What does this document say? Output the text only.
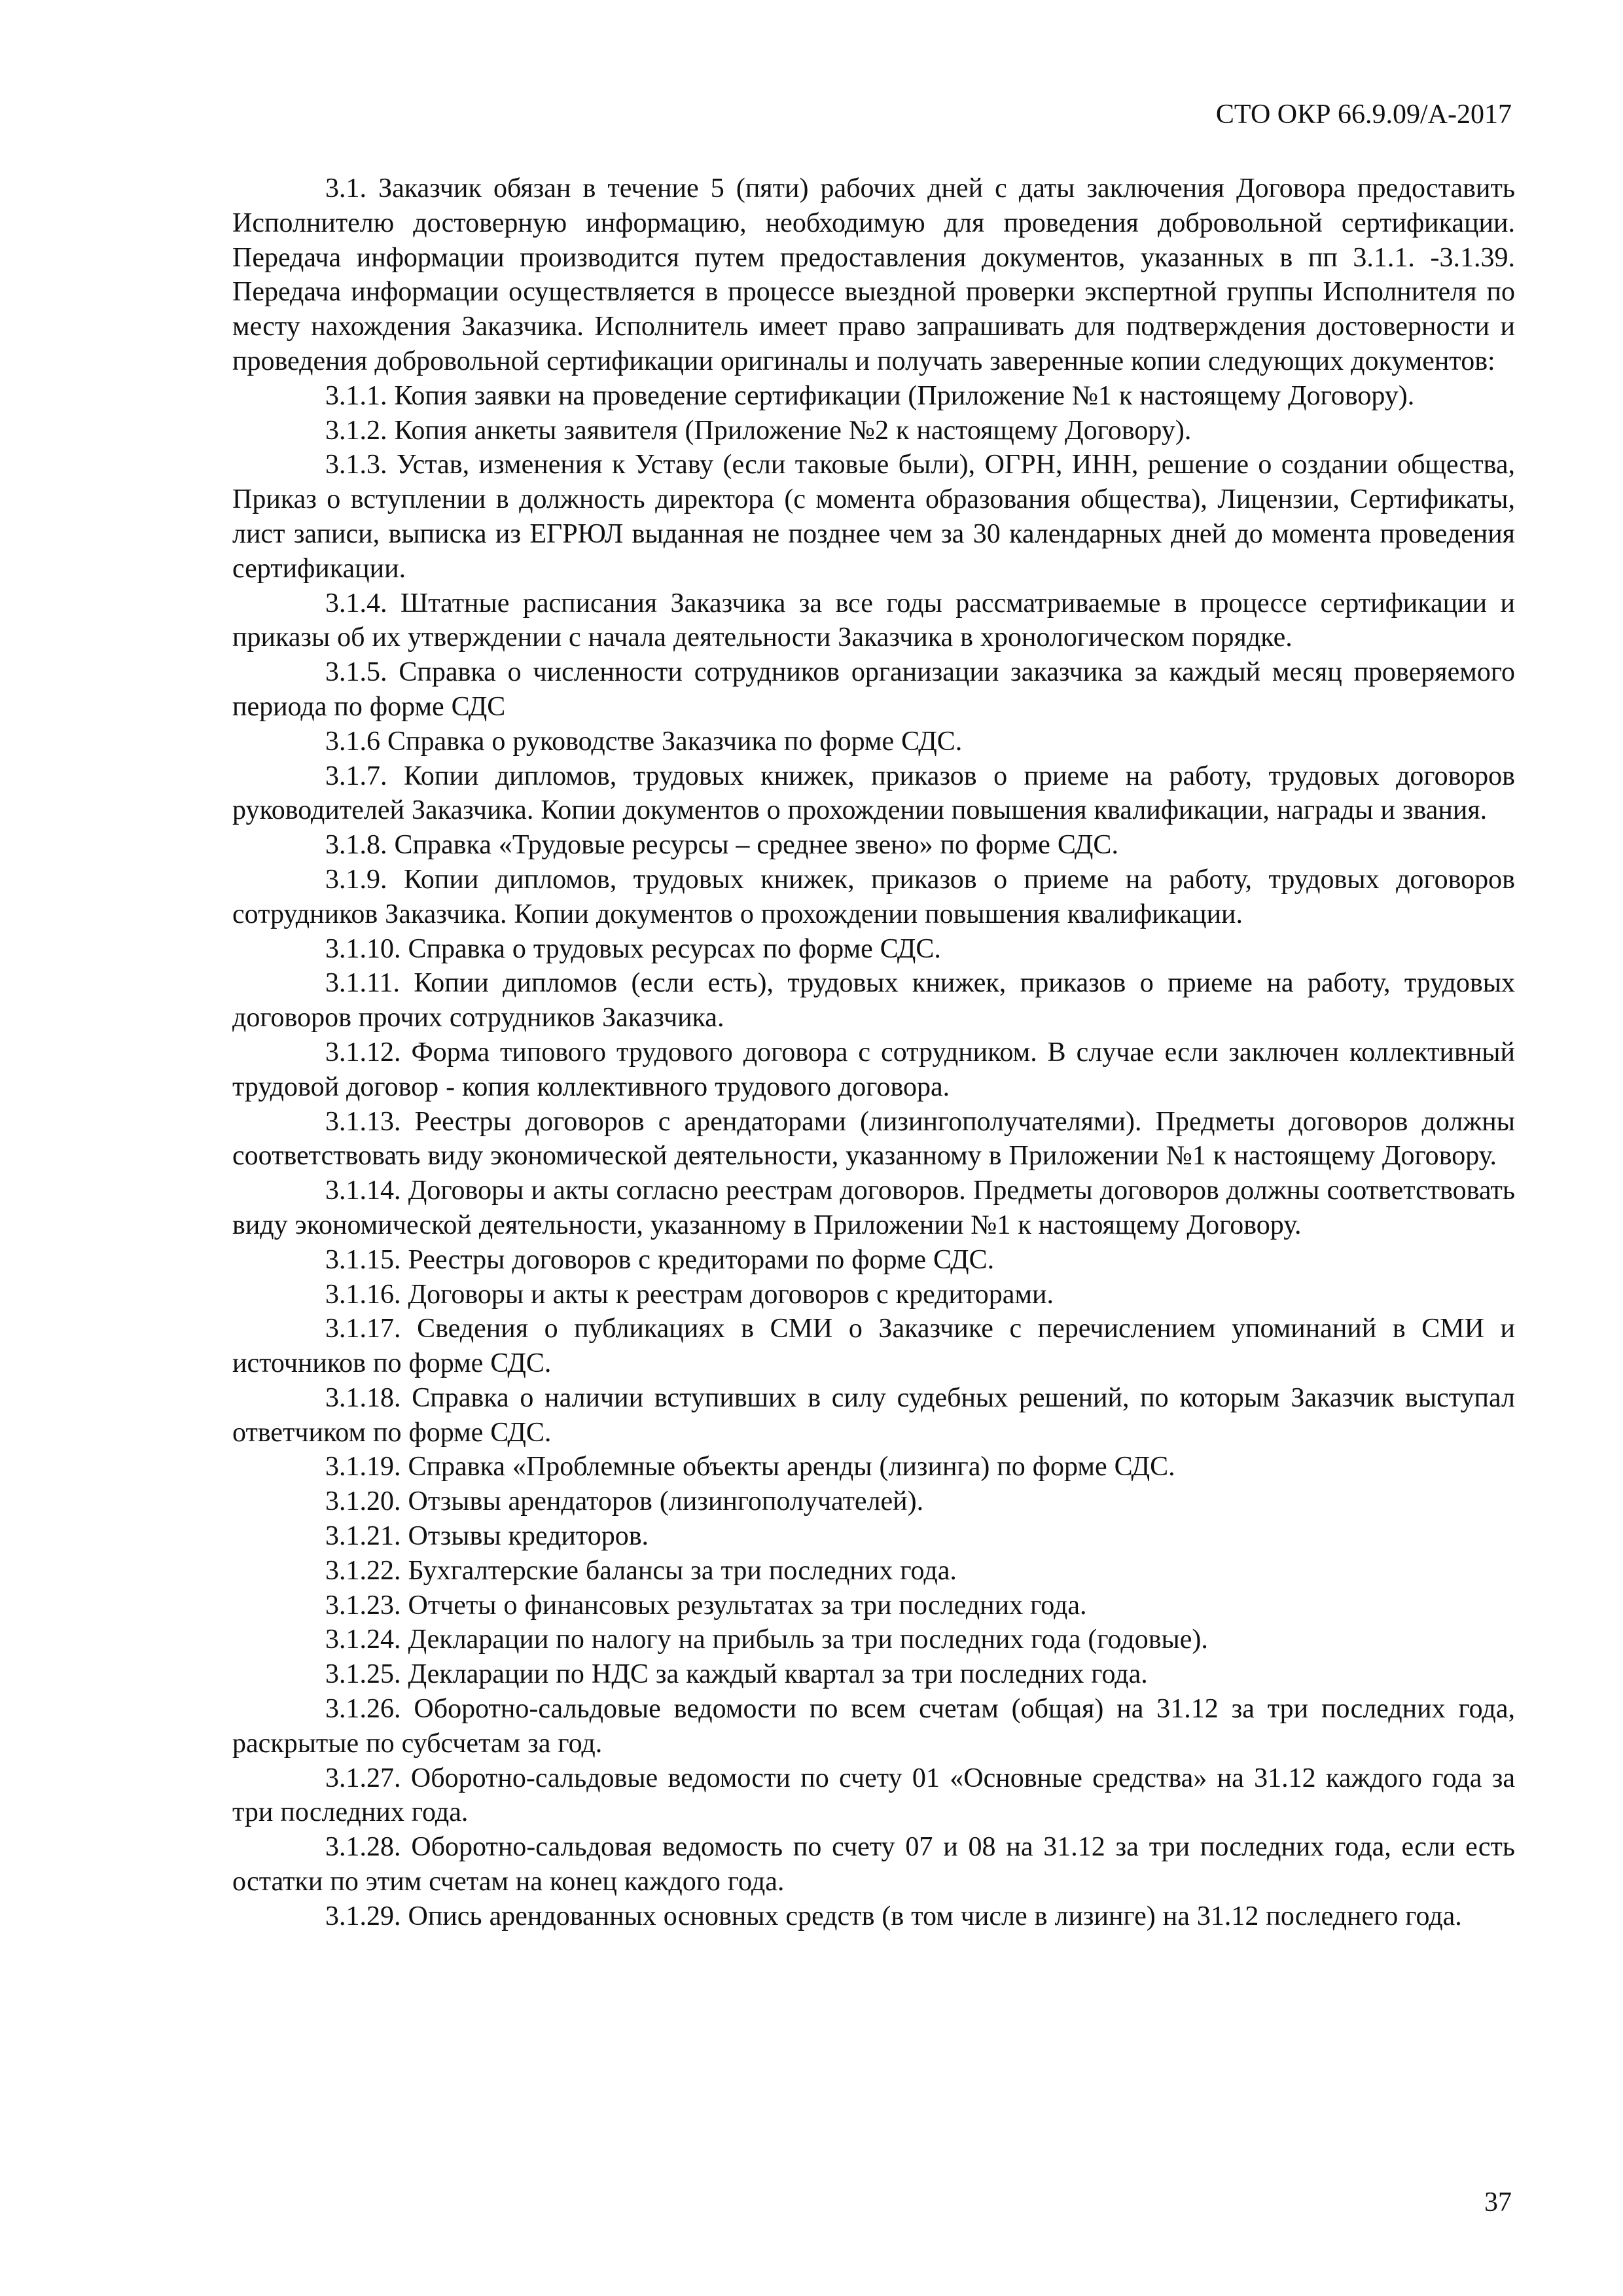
СТО ОКР 66.9.09/А-2017

3.1. Заказчик обязан в течение 5 (пяти) рабочих дней с даты заключения Договора предоставить Исполнителю достоверную информацию, необходимую для проведения добровольной сертификации. Передача информации производится путем предоставления документов, указанных в пп 3.1.1. -3.1.39. Передача информации осуществляется в процессе выездной проверки экспертной группы Исполнителя по месту нахождения Заказчика. Исполнитель имеет право запрашивать для подтверждения достоверности и проведения добровольной сертификации оригиналы и получать заверенные копии следующих документов:

3.1.1. Копия заявки на проведение сертификации (Приложение №1 к настоящему Договору).

3.1.2. Копия анкеты заявителя (Приложение №2 к настоящему Договору).

3.1.3. Устав, изменения к Уставу (если таковые были), ОГРН, ИНН, решение о создании общества, Приказ о вступлении в должность директора (с момента образования общества), Лицензии, Сертификаты, лист записи, выписка из ЕГРЮЛ выданная не позднее чем за 30 календарных дней до момента проведения сертификации.

3.1.4. Штатные расписания Заказчика за все годы рассматриваемые в процессе сертификации и приказы об их утверждении с начала деятельности Заказчика в хронологическом порядке.

3.1.5. Справка о численности сотрудников организации заказчика за каждый месяц проверяемого периода по форме СДС

3.1.6 Справка о руководстве Заказчика по форме СДС.

3.1.7. Копии дипломов, трудовых книжек, приказов о приеме на работу, трудовых договоров руководителей Заказчика. Копии документов о прохождении повышения квалификации, награды и звания.

3.1.8. Справка «Трудовые ресурсы – среднее звено» по форме СДС.

3.1.9. Копии дипломов, трудовых книжек, приказов о приеме на работу, трудовых договоров сотрудников Заказчика. Копии документов о прохождении повышения квалификации.

3.1.10. Справка о трудовых ресурсах по форме СДС.

3.1.11. Копии дипломов (если есть), трудовых книжек, приказов о приеме на работу, трудовых договоров прочих сотрудников Заказчика.

3.1.12. Форма типового трудового договора с сотрудником. В случае если заключен коллективный трудовой договор - копия коллективного трудового договора.

3.1.13. Реестры договоров с арендаторами (лизингополучателями). Предметы договоров должны соответствовать виду экономической деятельности, указанному в Приложении №1 к настоящему Договору.

3.1.14. Договоры и акты согласно реестрам договоров. Предметы договоров должны соответствовать виду экономической деятельности, указанному в Приложении №1 к настоящему Договору.

3.1.15. Реестры договоров с кредиторами по форме СДС.

3.1.16. Договоры и акты к реестрам договоров с кредиторами.

3.1.17. Сведения о публикациях в СМИ о Заказчике с перечислением упоминаний в СМИ и источников по форме СДС.

3.1.18. Справка о наличии вступивших в силу судебных решений, по которым Заказчик выступал ответчиком по форме СДС.

3.1.19. Справка «Проблемные объекты аренды (лизинга) по форме СДС.

3.1.20. Отзывы арендаторов (лизингополучателей).

3.1.21. Отзывы кредиторов.

3.1.22. Бухгалтерские балансы за три последних года.

3.1.23. Отчеты о финансовых результатах за три последних года.

3.1.24. Декларации по налогу на прибыль за три последних года (годовые).

3.1.25. Декларации по НДС за каждый квартал за три последних года.

3.1.26. Оборотно-сальдовые ведомости по всем счетам (общая) на 31.12 за три последних года, раскрытые по субсчетам за год.

3.1.27. Оборотно-сальдовые ведомости по счету 01 «Основные средства» на 31.12 каждого года за три последних года.

3.1.28. Оборотно-сальдовая ведомость по счету 07 и 08 на 31.12 за три последних года, если есть остатки по этим счетам на конец каждого года.

3.1.29. Опись арендованных основных средств (в том числе в лизинге) на 31.12 последнего года.

37
